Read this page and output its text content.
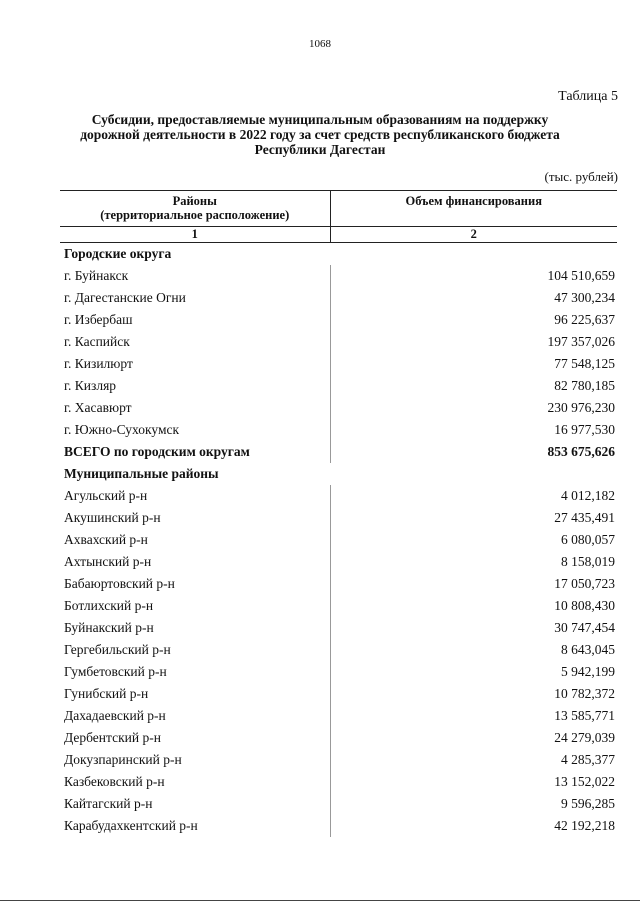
1068
Таблица 5
Субсидии, предоставляемые муниципальным образованиям на поддержку
дорожной деятельности в 2022 году за счет средств республиканского бюджета
Республики Дагестан
(тыс. рублей)
Районы
(территориальное расположение)	Объем финансирования
1	2
Городские округа	
г. Буйнакск	104 510,659
г. Дагестанские Огни	47 300,234
г. Избербаш	96 225,637
г. Каспийск	197 357,026
г. Кизилюрт	77 548,125
г. Кизляр	82 780,185
г. Хасавюрт	230 976,230
г. Южно-Сухокумск	16 977,530
ВСЕГО по городским округам	853 675,626
Муниципальные районы	
Агульский р-н	4 012,182
Акушинский р-н	27 435,491
Ахвахский р-н	6 080,057
Ахтынский р-н	8 158,019
Бабаюртовский р-н	17 050,723
Ботлихский р-н	10 808,430
Буйнакский р-н	30 747,454
Гергебильский р-н	8 643,045
Гумбетовский р-н	5 942,199
Гунибский р-н	10 782,372
Дахадаевский р-н	13 585,771
Дербентский р-н	24 279,039
Докузпаринский р-н	4 285,377
Казбековский р-н	13 152,022
Кайтагский р-н	9 596,285
Карабудахкентский р-н	42 192,218
